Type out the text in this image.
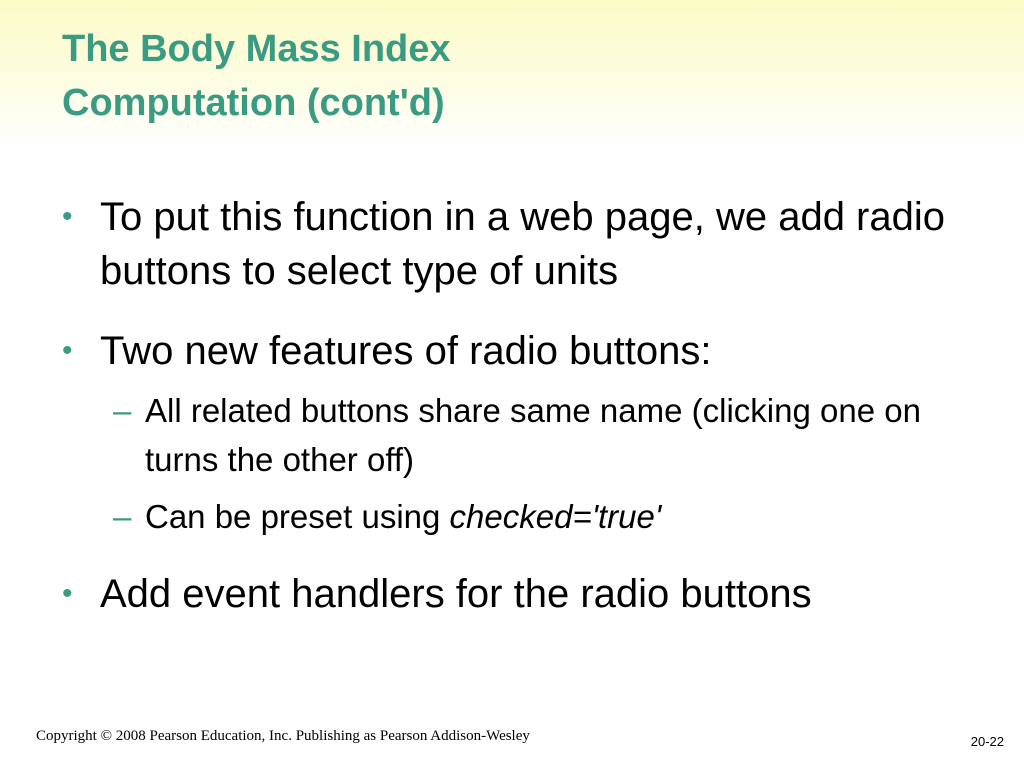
The Body Mass Index
Computation (cont'd)
• To put this function in a web page, we add radio buttons to select type of units
• Two new features of radio buttons:
– All related buttons share same name (clicking one on turns the other off)
– Can be preset using checked='true'
• Add event handlers for the radio buttons
Copyright © 2008 Pearson Education, Inc. Publishing as Pearson Addison-Wesley	20-22
